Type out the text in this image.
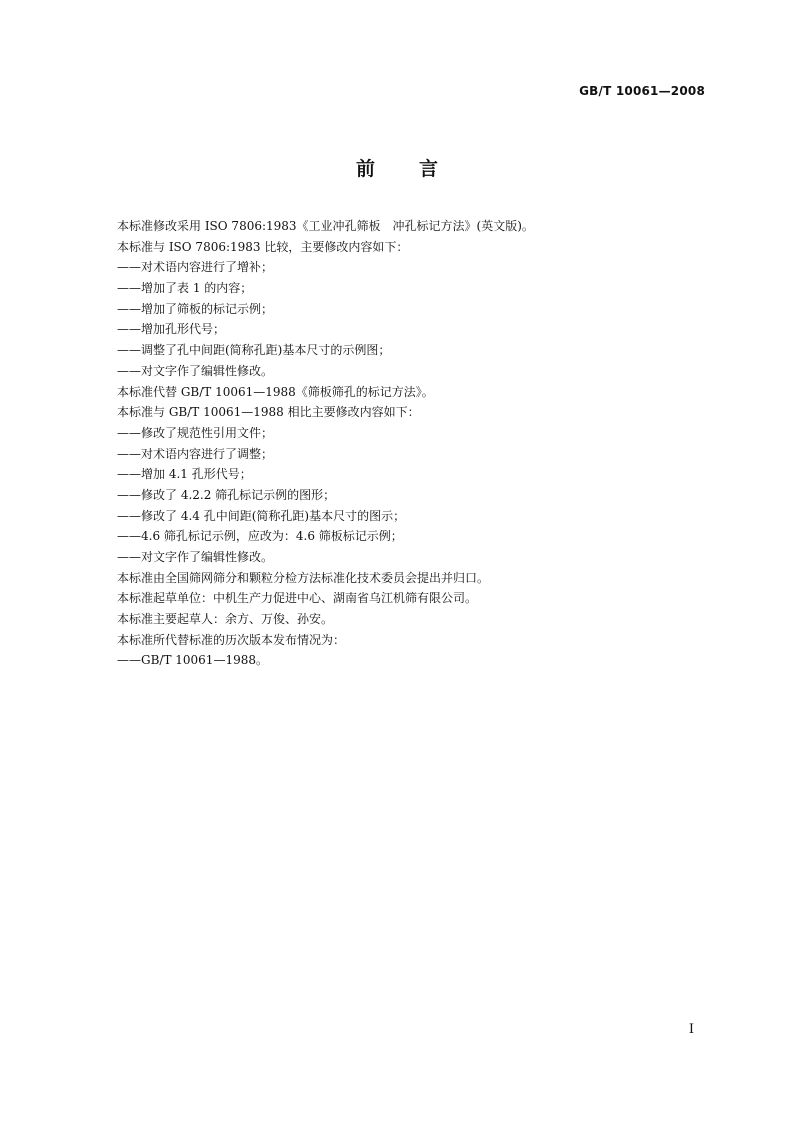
GB/T 10061—2008
前 言
本标准修改采用 ISO 7806:1983《工业冲孔筛板　冲孔标记方法》(英文版)。
本标准与 ISO 7806:1983 比较，主要修改内容如下：
——对术语内容进行了增补；
——增加了表 1 的内容；
——增加了筛板的标记示例；
——增加孔形代号；
——调整了孔中间距(简称孔距)基本尺寸的示例图；
——对文字作了编辑性修改。
本标准代替 GB/T 10061—1988《筛板筛孔的标记方法》。
本标准与 GB/T 10061—1988 相比主要修改内容如下：
——修改了规范性引用文件；
——对术语内容进行了调整；
——增加 4.1 孔形代号；
——修改了 4.2.2 筛孔标记示例的图形；
——修改了 4.4 孔中间距(简称孔距)基本尺寸的图示；
——4.6 筛孔标记示例，应改为：4.6 筛板标记示例；
——对文字作了编辑性修改。
本标准由全国筛网筛分和颗粒分检方法标准化技术委员会提出并归口。
本标准起草单位：中机生产力促进中心、湖南省乌江机筛有限公司。
本标准主要起草人：余方、万俊、孙安。
本标准所代替标准的历次版本发布情况为：
——GB/T 10061—1988。
I
